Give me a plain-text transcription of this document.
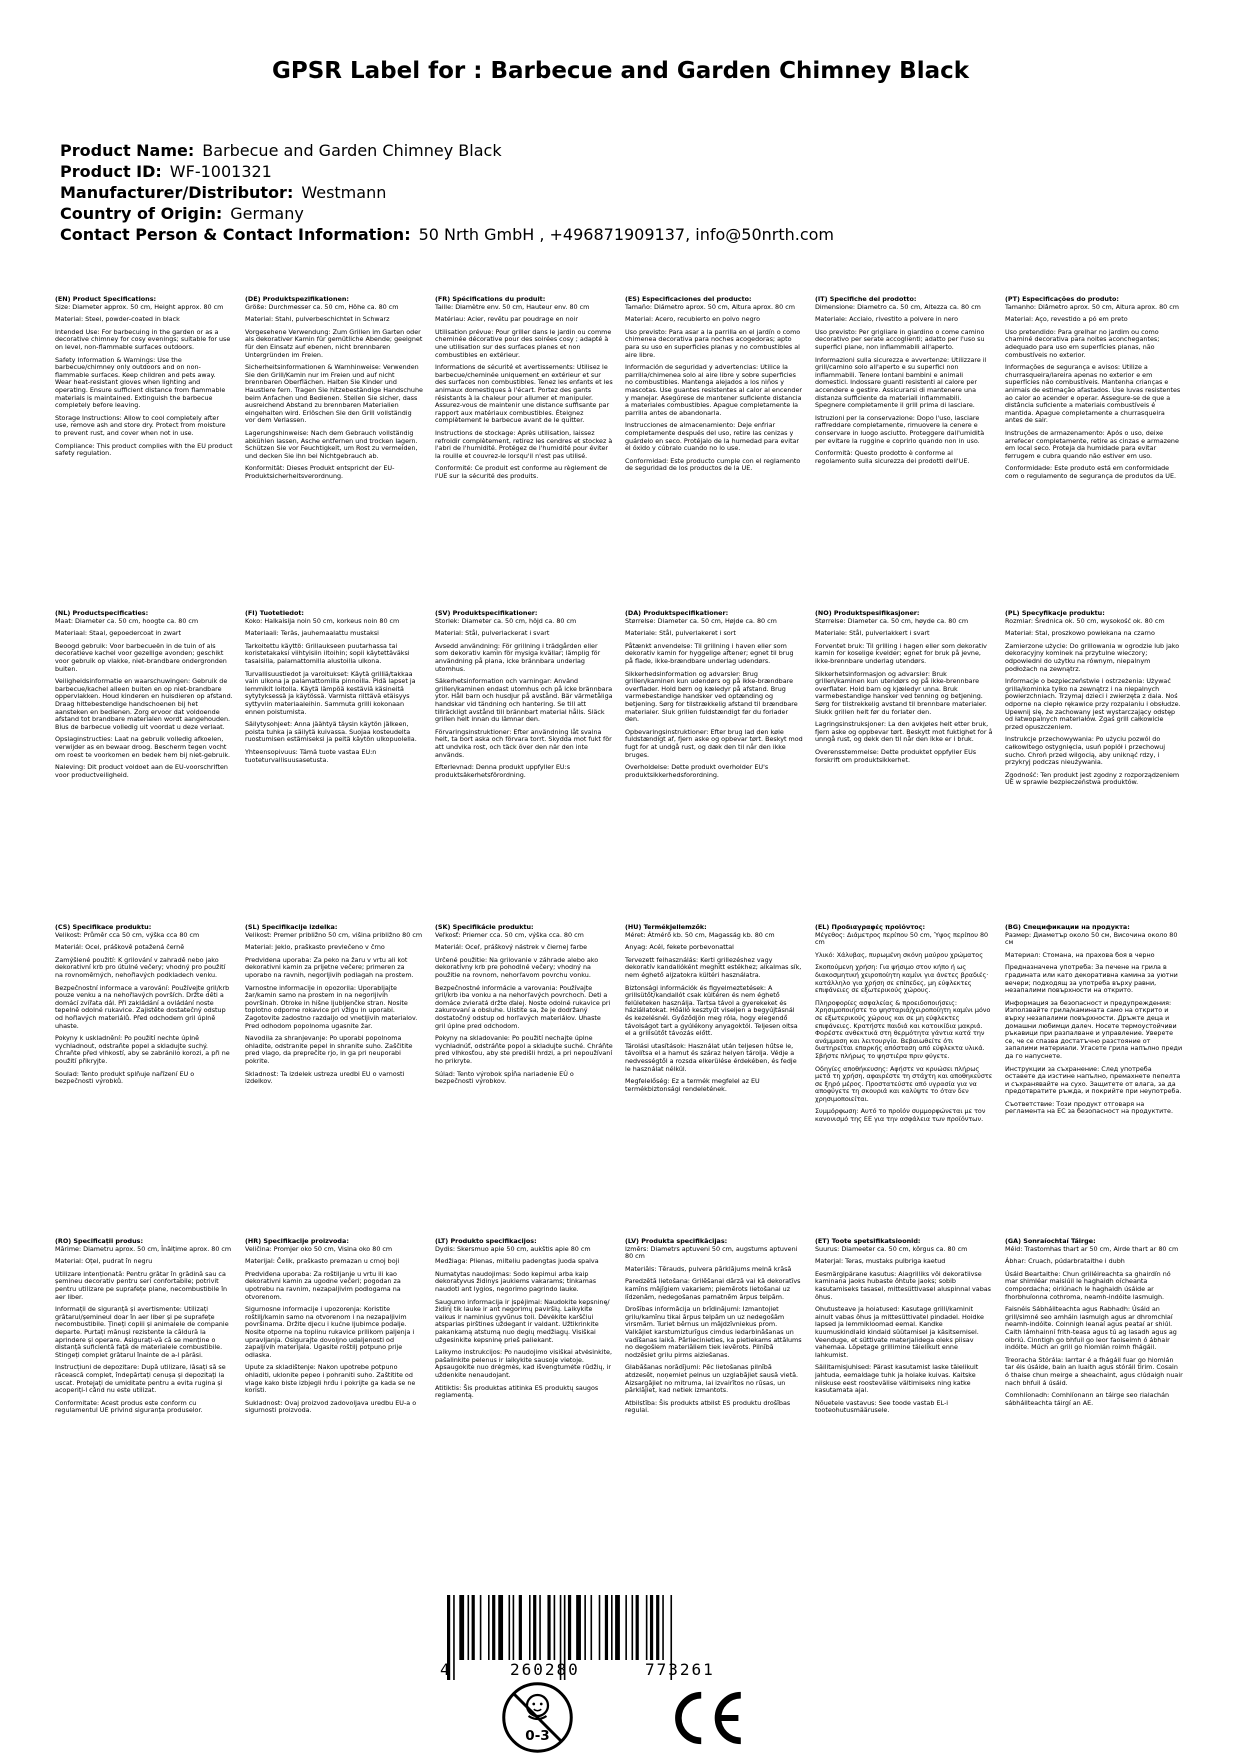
GPSR Label for : Barbecue and Garden Chimney Black
Product Name: Barbecue and Garden Chimney Black
Product ID: WF-1001321
Manufacturer/Distributor: Westmann
Country of Origin: Germany
Contact Person & Contact Information: 50 Nrth GmbH , +496871909137, info@50nrth.com
(EN) Product Specifications:

Size: Diameter approx. 50 cm, Height approx. 80 cm

Material: Steel, powder-coated in black

Intended Use: For barbecuing in the garden or as a decorative chimney for cosy evenings; suitable for use on level, non-flammable surfaces outdoors.

Safety Information & Warnings: Use the barbecue/chimney only outdoors and on non-flammable surfaces. Keep children and pets away. Wear heat-resistant gloves when lighting and operating. Ensure sufficient distance from flammable materials is maintained. Extinguish the barbecue completely before leaving.

Storage Instructions: Allow to cool completely after use, remove ash and store dry. Protect from moisture to prevent rust, and cover when not in use.

Compliance: This product complies with the EU product safety regulation.

(DE) Produktspezifikationen:

Größe: Durchmesser ca. 50 cm, Höhe ca. 80 cm

Material: Stahl, pulverbeschichtet in Schwarz

Vorgesehene Verwendung: Zum Grillen im Garten oder als dekorativer Kamin für gemütliche Abende; geeignet für den Einsatz auf ebenen, nicht brennbaren Untergründen im Freien.

Sicherheitsinformationen & Warnhinweise: Verwenden Sie den Grill/Kamin nur im Freien und auf nicht brennbaren Oberflächen. Halten Sie Kinder und Haustiere fern. Tragen Sie hitzebeständige Handschuhe beim Anfachen und Bedienen. Stellen Sie sicher, dass ausreichend Abstand zu brennbaren Materialien eingehalten wird. Erlöschen Sie den Grill vollständig vor dem Verlassen.

Lagerungshinweise: Nach dem Gebrauch vollständig abkühlen lassen, Asche entfernen und trocken lagern. Schützen Sie vor Feuchtigkeit, um Rost zu vermeiden, und decken Sie ihn bei Nichtgebrauch ab.

Konformität: Dieses Produkt entspricht der EU-Produktsicherheitsverordnung.

(FR) Spécifications du produit:

Taille: Diamètre env. 50 cm, Hauteur env. 80 cm

Matériau: Acier, revêtu par poudrage en noir

Utilisation prévue: Pour griller dans le jardin ou comme cheminée décorative pour des soirées cosy ; adapté à une utilisation sur des surfaces planes et non combustibles en extérieur.

Informations de sécurité et avertissements: Utilisez le barbecue/cheminée uniquement en extérieur et sur des surfaces non combustibles. Tenez les enfants et les animaux domestiques à l'écart. Portez des gants résistants à la chaleur pour allumer et manipuler. Assurez-vous de maintenir une distance suffisante par rapport aux matériaux combustibles. Éteignez complètement le barbecue avant de le quitter.

Instructions de stockage: Après utilisation, laissez refroidir complètement, retirez les cendres et stockez à l'abri de l'humidité. Protégez de l'humidité pour éviter la rouille et couvrez-le lorsqu'il n'est pas utilisé.

Conformité: Ce produit est conforme au règlement de l'UE sur la sécurité des produits.

(ES) Especificaciones del producto:

Tamaño: Diámetro aprox. 50 cm, Altura aprox. 80 cm

Material: Acero, recubierto en polvo negro

Uso previsto: Para asar a la parrilla en el jardín o como chimenea decorativa para noches acogedoras; apto para su uso en superficies planas y no combustibles al aire libre.

Información de seguridad y advertencias: Utilice la parrilla/chimenea solo al aire libre y sobre superficies no combustibles. Mantenga alejados a los niños y mascotas. Use guantes resistentes al calor al encender y manejar. Asegúrese de mantener suficiente distancia a materiales combustibles. Apague completamente la parrilla antes de abandonarla.

Instrucciones de almacenamiento: Deje enfriar completamente después del uso, retire las cenizas y guárdelo en seco. Protéjalo de la humedad para evitar el óxido y cúbralo cuando no lo use.

Conformidad: Este producto cumple con el reglamento de seguridad de los productos de la UE.

(IT) Specifiche del prodotto:

Dimensione: Diametro ca. 50 cm, Altezza ca. 80 cm

Materiale: Acciaio, rivestito a polvere in nero

Uso previsto: Per grigliare in giardino o come camino decorativo per serate accoglienti; adatto per l'uso su superfici piane, non infiammabili all'aperto.

Informazioni sulla sicurezza e avvertenze: Utilizzare il grill/camino solo all'aperto e su superfici non infiammabili. Tenere lontani bambini e animali domestici. Indossare guanti resistenti al calore per accendere e gestire. Assicurarsi di mantenere una distanza sufficiente da materiali infiammabili. Spegnere completamente il grill prima di lasciare.

Istruzioni per la conservazione: Dopo l'uso, lasciare raffreddare completamente, rimuovere la cenere e conservare in luogo asciutto. Proteggere dall'umidità per evitare la ruggine e coprirlo quando non in uso.

Conformità: Questo prodotto è conforme al regolamento sulla sicurezza dei prodotti dell'UE.

(PT) Especificações do produto:

Tamanho: Diâmetro aprox. 50 cm, Altura aprox. 80 cm

Material: Aço, revestido a pó em preto

Uso pretendido: Para grelhar no jardim ou como chaminé decorativa para noites aconchegantes; adequado para uso em superfícies planas, não combustíveis no exterior.

Informações de segurança e avisos: Utilize a churrasqueira/lareira apenas no exterior e em superfícies não combustíveis. Mantenha crianças e animais de estimação afastados. Use luvas resistentes ao calor ao acender e operar. Assegure-se de que a distância suficiente a materiais combustíveis é mantida. Apague completamente a churrasqueira antes de sair.

Instruções de armazenamento: Após o uso, deixe arrefecer completamente, retire as cinzas e armazene em local seco. Proteja da humidade para evitar ferrugem e cubra quando não estiver em uso.

Conformidade: Este produto está em conformidade com o regulamento de segurança de produtos da UE.

(NL) Productspecificaties:

Maat: Diameter ca. 50 cm, hoogte ca. 80 cm

Materiaal: Staal, gepoedercoat in zwart

Beoogd gebruik: Voor barbecueën in de tuin of als decoratieve kachel voor gezellige avonden; geschikt voor gebruik op vlakke, niet-brandbare ondergronden buiten.

Veiligheidsinformatie en waarschuwingen: Gebruik de barbecue/kachel alleen buiten en op niet-brandbare oppervlakken. Houd kinderen en huisdieren op afstand. Draag hittebestendige handschoenen bij het aansteken en bedienen. Zorg ervoor dat voldoende afstand tot brandbare materialen wordt aangehouden. Blus de barbecue volledig uit voordat u deze verlaat.

Opslaginstructies: Laat na gebruik volledig afkoelen, verwijder as en bewaar droog. Bescherm tegen vocht om roest te voorkomen en bedek hem bij niet-gebruik.

Naleving: Dit product voldoet aan de EU-voorschriften voor productveiligheid.

(FI) Tuotetiedot:

Koko: Halkaisija noin 50 cm, korkeus noin 80 cm

Materiaali: Teräs, jauhemaalattu mustaksi

Tarkoitettu käyttö: Grillaukseen puutarhassa tai koristetakaksi viihtyisiin iltoihin; sopii käytettäväksi tasaisilla, palamattomilla alustoilla ulkona.

Turvallisuustiedot ja varoitukset: Käytä grilliä/takkaa vain ulkona ja palamattomilla pinnoilla. Pidä lapset ja lemmikit loitolla. Käytä lämpöä kestäviä käsineitä sytytyksessä ja käytössä. Varmista riittävä etäisyys syttyviin materiaaleihin. Sammuta grilli kokonaan ennen poistumista.

Säilytysohjeet: Anna jäähtyä täysin käytön jälkeen, poista tuhka ja säilytä kuivassa. Suojaa kosteudelta ruostumisen estämiseksi ja peitä käytön ulkopuolella.

Yhteensopivuus: Tämä tuote vastaa EU:n tuoteturvallisuusasetusta.

(SV) Produktspecifikationer:

Storlek: Diameter ca. 50 cm, höjd ca. 80 cm

Material: Stål, pulverlackerat i svart

Avsedd användning: För grillning i trädgården eller som dekorativ kamin för mysiga kvällar; lämplig för användning på plana, icke brännbara underlag utomhus.

Säkerhetsinformation och varningar: Använd grillen/kaminen endast utomhus och på icke brännbara ytor. Håll barn och husdjur på avstånd. Bär värmetåliga handskar vid tändning och hantering. Se till att tillräckligt avstånd till brännbart material hålls. Släck grillen helt innan du lämnar den.

Förvaringsinstruktioner: Efter användning låt svalna helt, ta bort aska och förvara torrt. Skydda mot fukt för att undvika rost, och täck över den när den inte används.

Efterlevnad: Denna produkt uppfyller EU:s produktsäkerhetsförordning.

(DA) Produktspecifikationer:

Størrelse: Diameter ca. 50 cm, Højde ca. 80 cm

Materiale: Stål, pulverlakeret i sort

Påtænkt anvendelse: Til grillning i haven eller som dekorativ kamin for hyggelige aftener; egnet til brug på flade, ikke-brændbare underlag udendørs.

Sikkerhedsinformation og advarsler: Brug grillen/kaminen kun udendørs og på ikke-brændbare overflader. Hold børn og kæledyr på afstand. Brug varmebestandige handsker ved optænding og betjening. Sørg for tilstrækkelig afstand til brændbare materialer. Sluk grillen fuldstændigt før du forlader den.

Opbevaringsinstruktioner: Efter brug lad den køle fuldstændigt af, fjern aske og opbevar tørt. Beskyt mod fugt for at undgå rust, og dæk den til når den ikke bruges.

Overholdelse: Dette produkt overholder EU's produktsikkerhedsforordning.

(NO) Produktspesifikasjoner:

Størrelse: Diameter ca. 50 cm, høyde ca. 80 cm

Materiale: Stål, pulverlakkert i svart

Forventet bruk: Til grilling i hagen eller som dekorativ kamin for koselige kvelder; egnet for bruk på jevne, ikke-brennbare underlag utendørs.

Sikkerhetsinformasjon og advarsler: Bruk grillen/kaminen kun utendørs og på ikke-brennbare overflater. Hold barn og kjæledyr unna. Bruk varmebestandige hansker ved tenning og betjening. Sørg for tilstrekkelig avstand til brennbare materialer. Slukk grillen helt før du forlater den.

Lagringsinstruksjoner: La den avkjøles helt etter bruk, fjern aske og oppbevar tørt. Beskytt mot fuktighet for å unngå rust, og dekk den til når den ikke er i bruk.

Overensstemmelse: Dette produktet oppfyller EUs forskrift om produktsikkerhet.

(PL) Specyfikacje produktu:

Rozmiar: Średnica ok. 50 cm, wysokość ok. 80 cm

Materiał: Stal, proszkowo powlekana na czarno

Zamierzone użycie: Do grillowania w ogrodzie lub jako dekoracyjny kominek na przytulne wieczory; odpowiedni do użytku na równym, niepalnym podłożach na zewnątrz.

Informacje o bezpieczeństwie i ostrzeżenia: Używać grilla/kominka tylko na zewnątrz i na niepalnych powierzchniach. Trzymaj dzieci i zwierzęta z dala. Noś odporne na ciepło rękawice przy rozpalaniu i obsłudze. Upewnij się, że zachowany jest wystarczający odstęp od łatwopalnych materiałów. Zgaś grill całkowicie przed opuszczeniem.

Instrukcje przechowywania: Po użyciu pozwól do całkowitego ostygnięcia, usuń popiół i przechowuj sucho. Chroń przed wilgocią, aby uniknąć rdzy, i przykryj podczas nieużywania.

Zgodność: Ten produkt jest zgodny z rozporządzeniem UE w sprawie bezpieczeństwa produktów.

(CS) Specifikace produktu:

Velikost: Průměr cca 50 cm, výška cca 80 cm

Materiál: Ocel, práškově potažená černě

Zamýšlené použití: K grilování v zahradě nebo jako dekorativní krb pro útulné večery; vhodný pro použití na rovnoměrných, nehořlavých podkladech venku.

Bezpečnostní informace a varování: Používejte gril/krb pouze venku a na nehořlavých površích. Držte děti a domácí zvířata dál. Při zakládání a ovládání noste tepelně odolné rukavice. Zajistěte dostatečný odstup od hořlavých materiálů. Před odchodem gril úplně uhaste.

Pokyny k uskladnění: Po použití nechte úplně vychladnout, odstraňte popel a skladujte suchý. Chraňte před vlhkostí, aby se zabránilo korozi, a při ne použití přikryjte.

Soulad: Tento produkt splňuje nařízení EU o bezpečnosti výrobků.

(SL) Specifikacije izdelka:

Velikost: Premer približno 50 cm, višina približno 80 cm

Material: Jeklo, praškasto prevlečeno v črno

Predvidena uporaba: Za peko na žaru v vrtu ali kot dekorativni kamin za prijetne večere; primeren za uporabo na ravnih, negorljivih podlagah na prostem.

Varnostne informacije in opozorila: Uporabljajte žar/kamin samo na prostem in na negorljivih površinah. Otroke in hišne ljubljenčke stran. Nosite toplotno odporne rokavice pri vžigu in uporabi. Zagotovite zadostno razdaljo od vnetljivih materialov. Pred odhodom popolnoma ugasnite žar.

Navodila za shranjevanje: Po uporabi popolnoma ohladite, odstranite pepel in shranite suho. Zaščitite pred vlago, da preprečite rjo, in ga pri neuporabi pokrite.

Skladnost: Ta izdelek ustreza uredbi EU o varnosti izdelkov.

(SK) Špecifikácie produktu:

Veľkosť: Priemer cca. 50 cm, výška cca. 80 cm

Materiál: Oceľ, práškový nástrek v čiernej farbe

Určené použitie: Na grilovanie v záhrade alebo ako dekoratívny krb pre pohodlné večery; vhodný na použitie na rovnom, nehorľavom povrchu vonku.

Bezpečnostné informácie a varovania: Používajte gril/krb iba vonku a na nehorľavých povrchoch. Deti a domáce zvieratá držte ďalej. Noste odolné rukavice pri zakurovaní a obsluhe. Uistite sa, že je dodržaný dostatočný odstup od horľavých materiálov. Uhaste gril úplne pred odchodom.

Pokyny na skladovanie: Po použití nechajte úplne vychladnúť, odstráňte popol a skladujte suché. Chráňte pred vlhkosťou, aby ste predišli hrdzi, a pri nepoužívaní ho prikryte.

Súlad: Tento výrobok spĺňa nariadenie EÚ o bezpečnosti výrobkov.

(HU) Termékjellemzők:

Méret: Átmérő kb. 50 cm, Magasság kb. 80 cm

Anyag: Acél, fekete porbevonattal

Tervezett felhasználás: Kerti grillezéshez vagy dekoratív kandallóként meghitt estékhez; alkalmas sík, nem éghető aljzatokra kültéri használatra.

Biztonsági információk és figyelmeztetések: A grillsütőt/kandallót csak kültéren és nem éghető felületeken használja. Tartsa távol a gyerekeket és háziállatokat. Hőálló kesztyűt viseljen a begyújtásnál és kezelésnél. Győződjön meg róla, hogy elegendő távolságot tart a gyúlékony anyagoktól. Teljesen oltsa el a grillsütőt távozás előtt.

Tárolási utasítások: Használat után teljesen hűtse le, távolítsa el a hamut és száraz helyen tárolja. Védje a nedvességtől a rozsda elkerülése érdekében, és fedje le használat nélkül.

Megfelelőség: Ez a termék megfelel az EU termékbiztonsági rendeletének.

(EL) Προδιαγραφές προϊόντος:

Μέγεθος: Διάμετρος περίπου 50 cm, Ύψος περίπου 80 cm

Υλικό: Χάλυβας, πυρωμένη σκόνη μαύρου χρώματος

Σκοπούμενη χρήση: Για ψήσιμο στον κήπο ή ως διακοσμητική χειροποίητη καμίνι για άνετες βραδιές· κατάλληλο για χρήση σε επίπεδες, μη εύφλεκτες επιφάνειες σε εξωτερικούς χώρους.

Πληροφορίες ασφαλείας & προειδοποιήσεις: Χρησιμοποιήστε το ψησταριά/χειροποίητη καμίνι μόνο σε εξωτερικούς χώρους και σε μη εύφλεκτες επιφάνειες. Κρατήστε παιδιά και κατοικίδια μακριά. Φορέστε ανθεκτικά στη θερμότητα γάντια κατά την ανάμμαση και λειτουργία. Βεβαιωθείτε ότι διατηρείται επαρκής απόσταση από εύφλεκτα υλικά. Σβήστε πλήρως το ψηστιέρα πριν φύγετε.

Οδηγίες αποθήκευσης: Αφήστε να κρυώσει πλήρως μετά τη χρήση, αφαιρέστε τη στάχτη και αποθηκεύστε σε ξηρό μέρος. Προστατεύστε από υγρασία για να αποφύγετε τη σκουριά και καλύψτε το όταν δεν χρησιμοποιείται.

Συμμόρφωση: Αυτό το προϊόν συμμορφώνεται με τον κανονισμό της ΕΕ για την ασφάλεια των προϊόντων.

(BG) Спецификации на продукта:

Размер: Диаметър около 50 см, Височина около 80 см

Материал: Стомана, на прахова боя в черно

Предназначена употреба: За печене на грила в градината или като декоративна камина за уютни вечери; подходящ за употреба върху равни, незапалими повърхности на открито.

Информация за безопасност и предупреждения: Използвайте грила/камината само на открито и върху незапалими повърхности. Дръжте деца и домашни любимци далеч. Носете термоустойчиви ръкавици при разпалване и управление. Уверете се, че се спазва достатъчно разстояние от запалими материали. Угасете грила напълно преди да го напуснете.

Инструкции за съхранение: След употреба оставете да изстине напълно, премахнете пепелта и съхранявайте на сухо. Защитете от влага, за да предотвратите ръжда, и покрийте при неупотреба.

Съответствие: Този продукт отговаря на регламента на ЕС за безопасност на продуктите.

(RO) Specificații produs:

Mărime: Diametru aprox. 50 cm, Înălțime aprox. 80 cm

Material: Oțel, pudrat în negru

Utilizare intenționată: Pentru grătar în grădină sau ca șemineu decorativ pentru seri confortabile; potrivit pentru utilizare pe suprafețe plane, necombustibile în aer liber.

Informații de siguranță și avertismente: Utilizați grătarul/șemineul doar în aer liber și pe suprafețe necombustibile. Țineți copiii și animalele de companie departe. Purtați mănuși rezistente la căldură la aprindere și operare. Asigurați-vă că se menține o distanță suficientă față de materialele combustibile. Stingeți complet grătarul înainte de a-l părăsi.

Instrucțiuni de depozitare: După utilizare, lăsați să se răcească complet, îndepărtați cenușa și depozitați la uscat. Protejați de umiditate pentru a evita rugina și acoperiți-l când nu este utilizat.

Conformitate: Acest produs este conform cu regulamentul UE privind siguranța produselor.

(HR) Specifikacije proizvoda:

Veličina: Promjer oko 50 cm, Visina oko 80 cm

Materijal: Čelik, praškasto premazan u crnoj boji

Predviđena uporaba: Za roštiljanje u vrtu ili kao dekorativni kamin za ugodne večeri; pogodan za upotrebu na ravnim, nezapaljivim podlogama na otvorenom.

Sigurnosne informacije i upozorenja: Koristite roštilj/kamin samo na otvorenom i na nezapaljivim površinama. Držite djecu i kućne ljubimce podalje. Nosite otporne na toplinu rukavice prilikom paljenja i upravljanja. Osigurajte dovoljno udaljenosti od zapaljivih materijala. Ugasite roštilj potpuno prije odlaska.

Upute za skladištenje: Nakon upotrebe potpuno ohladiti, uklonite pepeo i pohraniti suho. Zaštitite od vlage kako biste izbjegli hrđu i pokrijte ga kada se ne koristi.

Sukladnost: Ovaj proizvod zadovoljava uredbu EU-a o sigurnosti proizvoda.

(LT) Produkto specifikacijos:

Dydis: Skersmuo apie 50 cm, aukštis apie 80 cm

Medžiaga: Plienas, milteliu padengtas juoda spalva

Numatytas naudojimas: Sodo kepimui arba kaip dekoratyvus židinys jaukiems vakarams; tinkamas naudoti ant lygios, negorimo pagrindo lauke.

Saugumo informacija ir įspėjimai: Naudokite kepsninę/židinį tik lauke ir ant negorimų paviršių. Laikykite vaikus ir naminius gyvūnus toli. Dėvėkite karščiui atsparias pirštines uždegant ir valdant. Užtikrinkite pakankamą atstumą nuo degių medžiagų. Visiškai užgesinkite kepsninę prieš paliekant.

Laikymo instrukcijos: Po naudojimo visiškai atvėsinkite, pašalinkite pelenus ir laikykite sausoje vietoje. Apsaugokite nuo drėgmės, kad išvengtumėte rūdžių, ir uždenkite nenaudojant.

Atitiktis: Šis produktas atitinka ES produktų saugos reglamentą.

(LV) Produkta specifikācijas:

Izmērs: Diametrs aptuveni 50 cm, augstums aptuveni 80 cm

Materiāls: Tērauds, pulvera pārklājums melnā krāsā

Paredzētā lietošana: Grilēšanai dārzā vai kā dekoratīvs kamīns mājīgiem vakariem; piemērots lietošanai uz līdzenām, nedegošanas pamatnēm ārpus telpām.

Drošības informācija un brīdinājumi: Izmantojiet grilu/kamīnu tikai ārpus telpām un uz nedegošām virsmām. Turiet bērnus un mājdzīvniekus prom. Valkājiet karstumizturīgus cimdus iedarbināšanas un vadīšanas laikā. Pārliecinieties, ka pietiekams attālums no degošiem materiāliem tiek ievērots. Pilnībā nodzēsiet grilu pirms aiziešanas.

Glabāšanas norādījumi: Pēc lietošanas pilnībā atdzesēt, noņemiet pelnus un uzglabājiet sausā vietā. Aizsargājiet no mitruma, lai izvairītos no rūsas, un pārklājiet, kad netiek izmantots.

Atbilstība: Šis produkts atbilst ES produktu drošības regulai.

(ET) Toote spetsifikatsioonid:

Suurus: Diameeter ca. 50 cm, kõrgus ca. 80 cm

Materjal: Teras, mustaks pulbriga kaetud

Eesmärgipärane kasutus: Aiagrilliks või dekoratiivse kaminana jaoks hubaste õhtute jaoks; sobib kasutamiseks tasasel, mittesüttivasel aluspinnal vabas õhus.

Ohutusteave ja hoiatused: Kasutage grilli/kaminit ainult vabas õhus ja mittesüttivatel pindadel. Hoidke lapsed ja lemmikloomad eemal. Kandke kuumuskindlaid kindaid süütamisel ja käsitsemisel. Veenduge, et süttivate materjalidega oleks piisav vahemaa. Lõpetage grillimine täielikult enne lahkumist.

Säilitamisjuhised: Pärast kasutamist laske täielikult jahtuda, eemaldage tuhk ja hoiake kuivas. Kaitske niiskuse eest roostevälise vältimiseks ning katke kasutamata ajal.

Nõuetele vastavus: See toode vastab EL-i tooteohutusmäärusele.

(GA) Sonraíochtaí Táirge:

Méid: Trastomhas thart ar 50 cm, Airde thart ar 80 cm

Ábhar: Cruach, púdarbrataithe i dubh

Úsáid Beartaithe: Chun grilléireachta sa ghairdín nó mar shimléar maisiúil le haghaidh oícheanta compordacha; oiriúnach le haghaidh úsáide ar fhorbhuíonna cothroma, neamh-indóite lasmuigh.

Faisnéis Sábháilteachta agus Rabhadh: Úsáid an grill/simné seo amháin lasmuigh agus ar dhromchlaí neamh-indóite. Coinnigh leanaí agus peataí ar shiúl. Caith lámhainní frith-teasa agus tú ag lasadh agus ag oibriú. Cinntigh go bhfuil go leor faoiseimh ó ábhair indóite. Múch an grill go hiomlán roimh fhágáil.

Treoracha Stórála: Iarrtar é a fhágáil fuar go hiomlán tar éis úsáide, bain an luaith agus stóráil tirim. Cosain ó thaise chun meirge a sheachaint, agus clúdaigh nuair nach bhfuil á úsáid.

Comhlíonadh: Comhlíonann an táirge seo rialachán sábháilteachta táirgí an AE.

4	260280	773261
0-3
